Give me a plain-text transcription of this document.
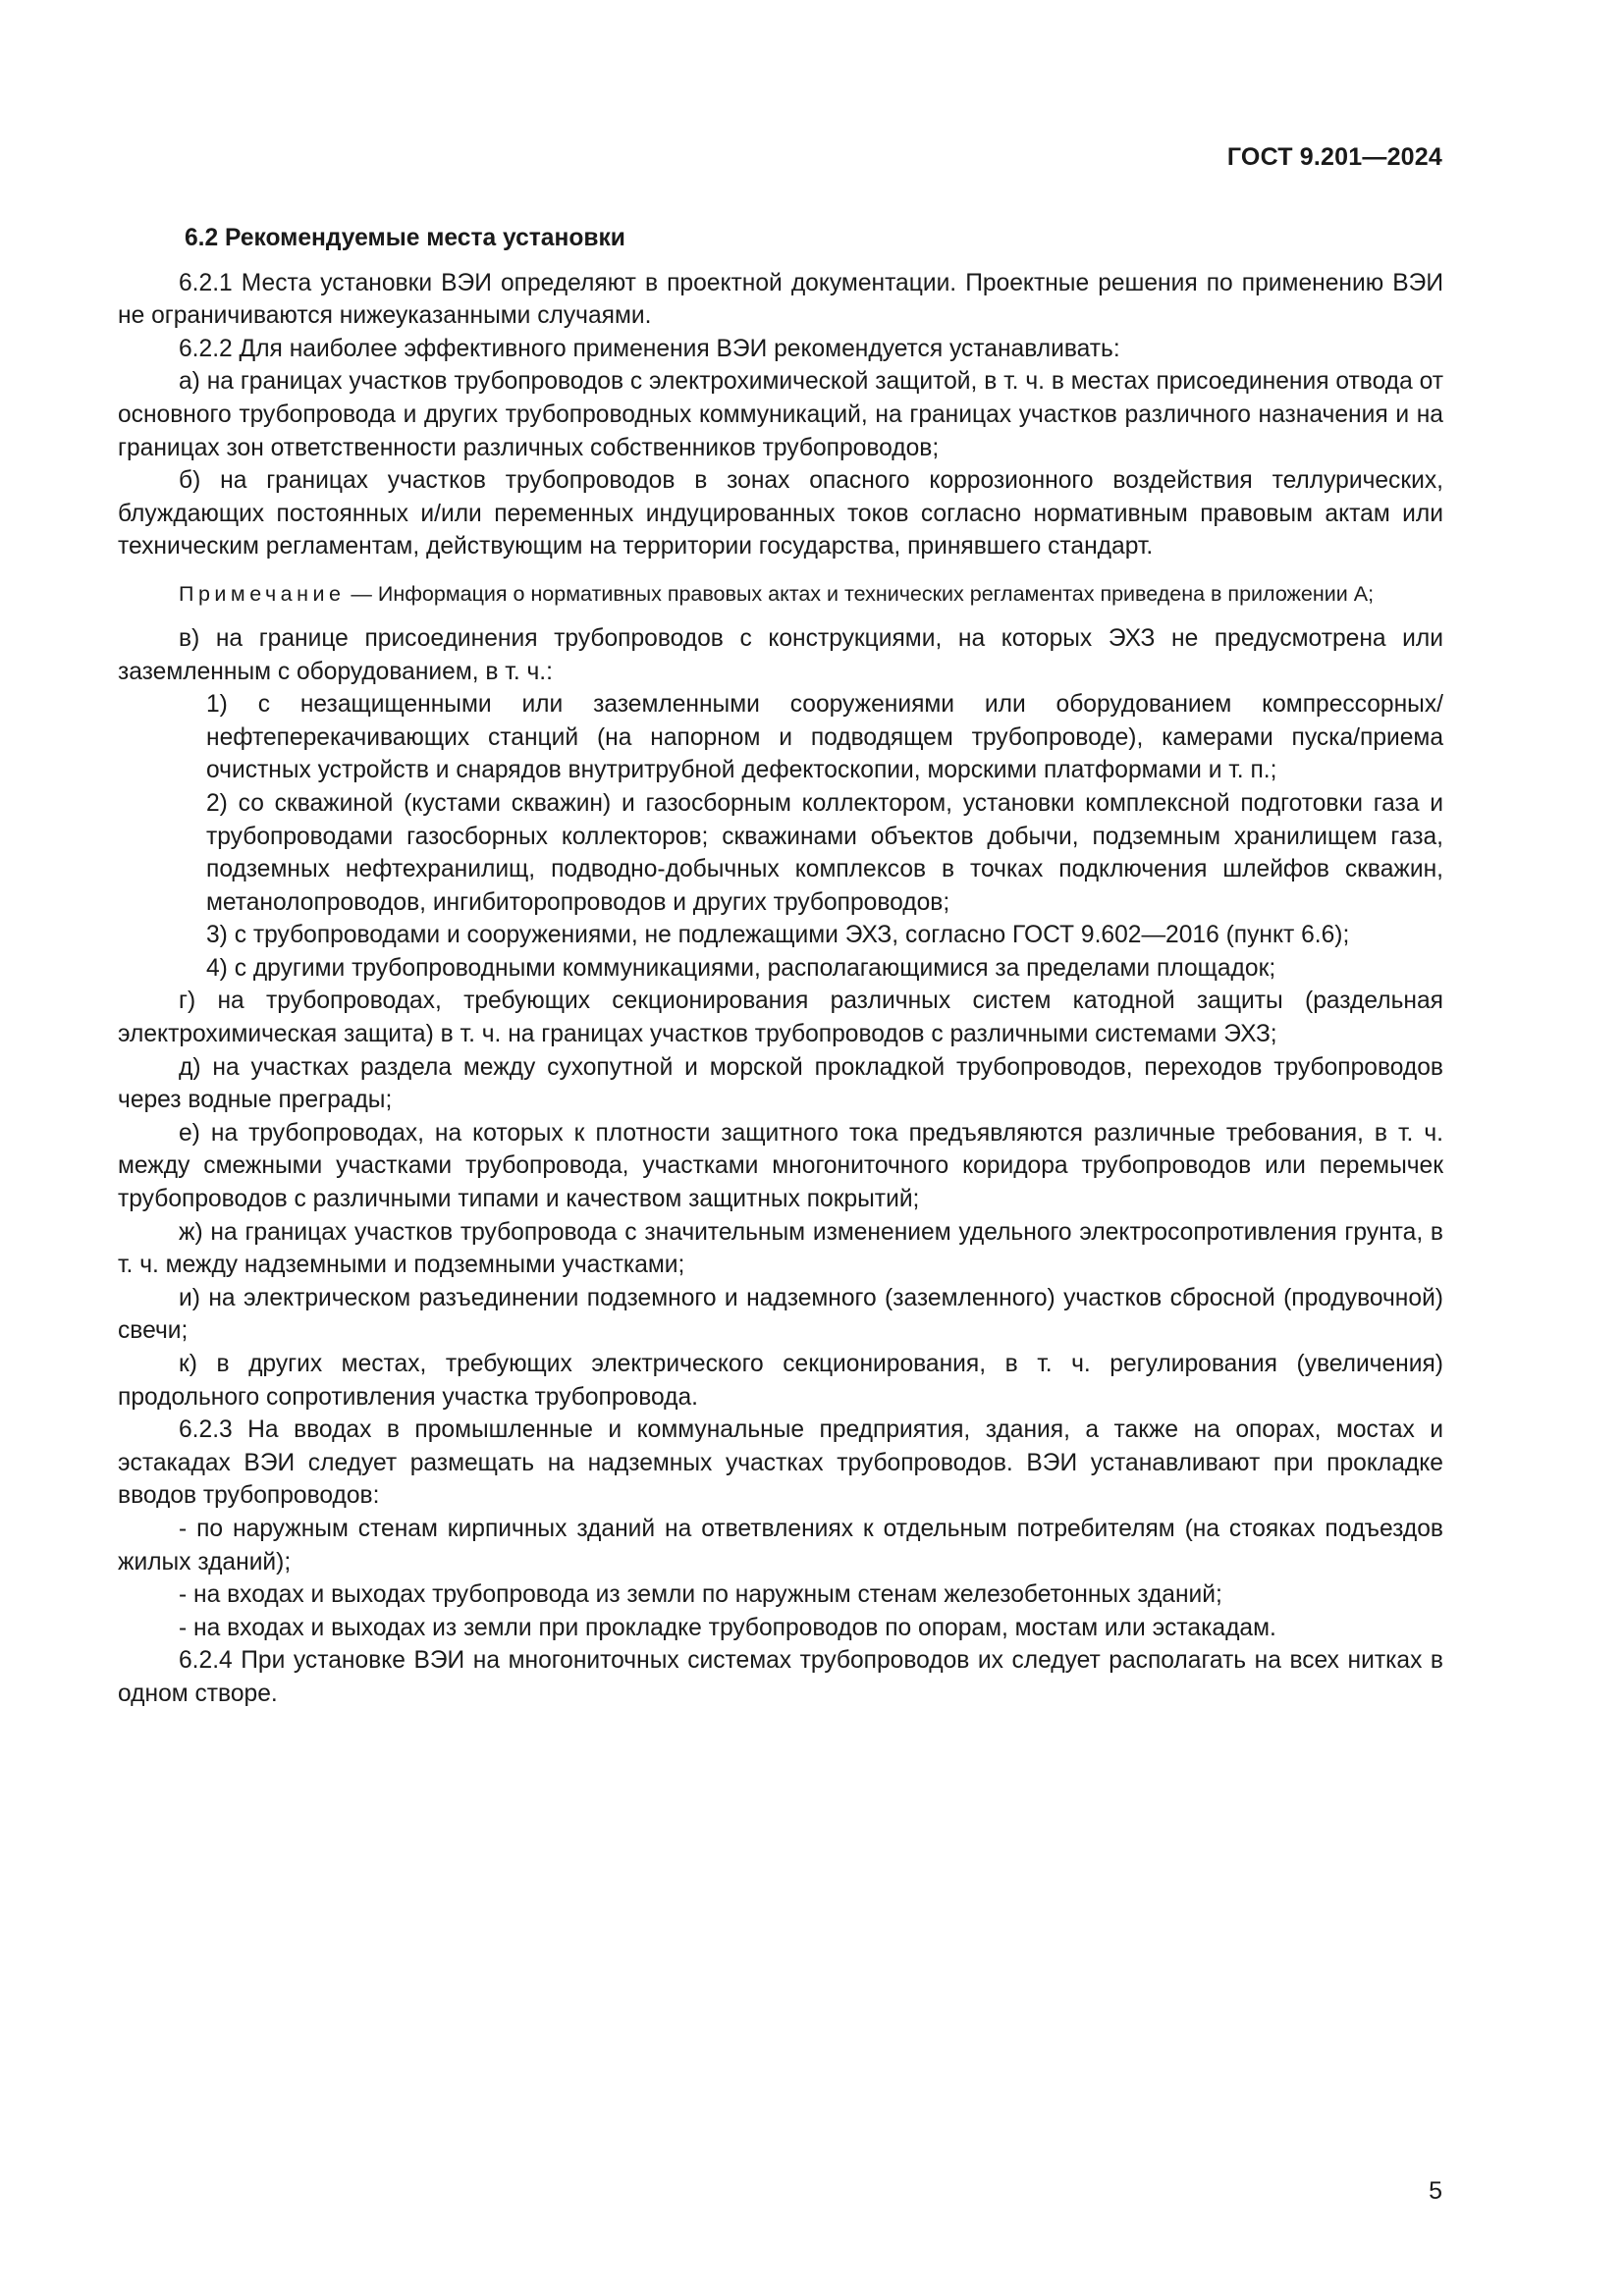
ГОСТ 9.201—2024

6.2 Рекомендуемые места установки

6.2.1 Места установки ВЭИ определяют в проектной документации. Проектные решения по применению ВЭИ не ограничиваются нижеуказанными случаями.

6.2.2 Для наиболее эффективного применения ВЭИ рекомендуется устанавливать:

а) на границах участков трубопроводов с электрохимической защитой, в т. ч. в местах присоединения отвода от основного трубопровода и других трубопроводных коммуникаций, на границах участков различного назначения и на границах зон ответственности различных собственников трубопроводов;

б) на границах участков трубопроводов в зонах опасного коррозионного воздействия теллурических, блуждающих постоянных и/или переменных индуцированных токов согласно нормативным правовым актам или техническим регламентам, действующим на территории государства, принявшего стандарт.

Примечание — Информация о нормативных правовых актах и технических регламентах приведена в приложении А;

в) на границе присоединения трубопроводов с конструкциями, на которых ЭХЗ не предусмотрена или заземленным с оборудованием, в т. ч.:

1) с незащищенными или заземленными сооружениями или оборудованием компрессорных/нефтеперекачивающих станций (на напорном и подводящем трубопроводе), камерами пуска/приема очистных устройств и снарядов внутритрубной дефектоскопии, морскими платформами и т. п.;

2) со скважиной (кустами скважин) и газосборным коллектором, установки комплексной подготовки газа и трубопроводами газосборных коллекторов; скважинами объектов добычи, подземным хранилищем газа, подземных нефтехранилищ, подводно-добычных комплексов в точках подключения шлейфов скважин, метанолопроводов, ингибиторопроводов и других трубопроводов;

3) с трубопроводами и сооружениями, не подлежащими ЭХЗ, согласно ГОСТ 9.602—2016 (пункт 6.6);

4) с другими трубопроводными коммуникациями, располагающимися за пределами площадок;

г) на трубопроводах, требующих секционирования различных систем катодной защиты (раздельная электрохимическая защита) в т. ч. на границах участков трубопроводов с различными системами ЭХЗ;

д) на участках раздела между сухопутной и морской прокладкой трубопроводов, переходов трубопроводов через водные преграды;

е) на трубопроводах, на которых к плотности защитного тока предъявляются различные требования, в т. ч. между смежными участками трубопровода, участками многониточного коридора трубопроводов или перемычек трубопроводов с различными типами и качеством защитных покрытий;

ж) на границах участков трубопровода с значительным изменением удельного электросопротивления грунта, в т. ч. между надземными и подземными участками;

и) на электрическом разъединении подземного и надземного (заземленного) участков сбросной (продувочной) свечи;

к) в других местах, требующих электрического секционирования, в т. ч. регулирования (увеличения) продольного сопротивления участка трубопровода.

6.2.3 На вводах в промышленные и коммунальные предприятия, здания, а также на опорах, мостах и эстакадах ВЭИ следует размещать на надземных участках трубопроводов. ВЭИ устанавливают при прокладке вводов трубопроводов:

- по наружным стенам кирпичных зданий на ответвлениях к отдельным потребителям (на стояках подъездов жилых зданий);

- на входах и выходах трубопровода из земли по наружным стенам железобетонных зданий;

- на входах и выходах из земли при прокладке трубопроводов по опорам, мостам или эстакадам.

6.2.4 При установке ВЭИ на многониточных системах трубопроводов их следует располагать на всех нитках в одном створе.

5
